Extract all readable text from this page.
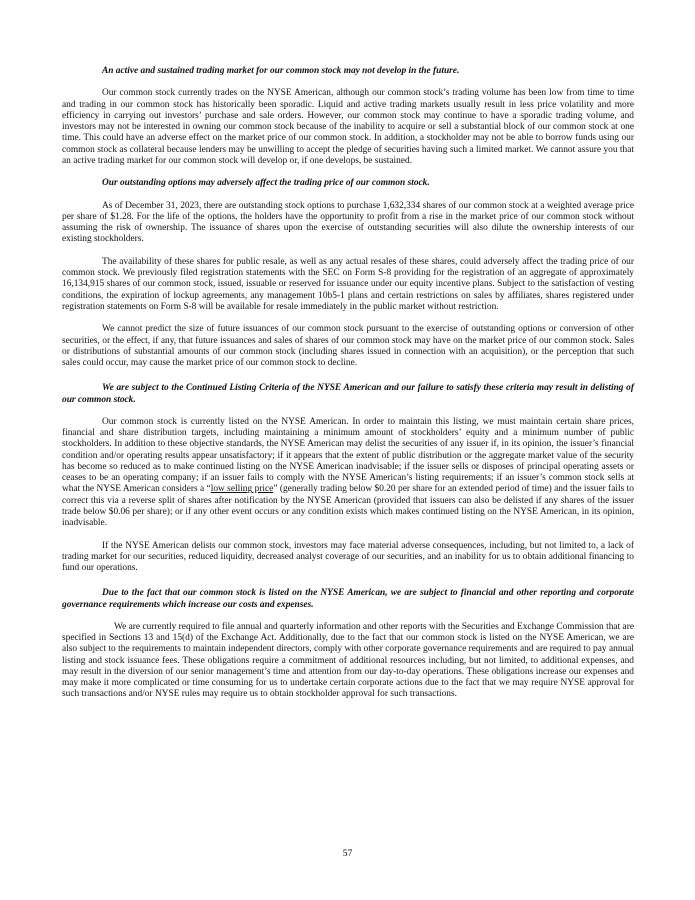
An active and sustained trading market for our common stock may not develop in the future.

Our common stock currently trades on the NYSE American, although our common stock’s trading volume has been low from time to time and trading in our common stock has historically been sporadic. Liquid and active trading markets usually result in less price volatility and more efficiency in carrying out investors’ purchase and sale orders. However, our common stock may continue to have a sporadic trading volume, and investors may not be interested in owning our common stock because of the inability to acquire or sell a substantial block of our common stock at one time. This could have an adverse effect on the market price of our common stock. In addition, a stockholder may not be able to borrow funds using our common stock as collateral because lenders may be unwilling to accept the pledge of securities having such a limited market. We cannot assure you that an active trading market for our common stock will develop or, if one develops, be sustained.

Our outstanding options may adversely affect the trading price of our common stock.

As of December 31, 2023, there are outstanding stock options to purchase 1,632,334 shares of our common stock at a weighted average price per share of $1.28. For the life of the options, the holders have the opportunity to profit from a rise in the market price of our common stock without assuming the risk of ownership. The issuance of shares upon the exercise of outstanding securities will also dilute the ownership interests of our existing stockholders.

The availability of these shares for public resale, as well as any actual resales of these shares, could adversely affect the trading price of our common stock. We previously filed registration statements with the SEC on Form S-8 providing for the registration of an aggregate of approximately 16,134,915 shares of our common stock, issued, issuable or reserved for issuance under our equity incentive plans. Subject to the satisfaction of vesting conditions, the expiration of lockup agreements, any management 10b5-1 plans and certain restrictions on sales by affiliates, shares registered under registration statements on Form S-8 will be available for resale immediately in the public market without restriction.

We cannot predict the size of future issuances of our common stock pursuant to the exercise of outstanding options or conversion of other securities, or the effect, if any, that future issuances and sales of shares of our common stock may have on the market price of our common stock. Sales or distributions of substantial amounts of our common stock (including shares issued in connection with an acquisition), or the perception that such sales could occur, may cause the market price of our common stock to decline.

We are subject to the Continued Listing Criteria of the NYSE American and our failure to satisfy these criteria may result in delisting of our common stock.

Our common stock is currently listed on the NYSE American. In order to maintain this listing, we must maintain certain share prices, financial and share distribution targets, including maintaining a minimum amount of stockholders’ equity and a minimum number of public stockholders. In addition to these objective standards, the NYSE American may delist the securities of any issuer if, in its opinion, the issuer’s financial condition and/or operating results appear unsatisfactory; if it appears that the extent of public distribution or the aggregate market value of the security has become so reduced as to make continued listing on the NYSE American inadvisable; if the issuer sells or disposes of principal operating assets or ceases to be an operating company; if an issuer fails to comply with the NYSE American’s listing requirements; if an issuer’s common stock sells at what the NYSE American considers a “low selling price” (generally trading below $0.20 per share for an extended period of time) and the issuer fails to correct this via a reverse split of shares after notification by the NYSE American (provided that issuers can also be delisted if any shares of the issuer trade below $0.06 per share); or if any other event occurs or any condition exists which makes continued listing on the NYSE American, in its opinion, inadvisable.

If the NYSE American delists our common stock, investors may face material adverse consequences, including, but not limited to, a lack of trading market for our securities, reduced liquidity, decreased analyst coverage of our securities, and an inability for us to obtain additional financing to fund our operations.

Due to the fact that our common stock is listed on the NYSE American, we are subject to financial and other reporting and corporate governance requirements which increase our costs and expenses.

We are currently required to file annual and quarterly information and other reports with the Securities and Exchange Commission that are specified in Sections 13 and 15(d) of the Exchange Act. Additionally, due to the fact that our common stock is listed on the NYSE American, we are also subject to the requirements to maintain independent directors, comply with other corporate governance requirements and are required to pay annual listing and stock issuance fees. These obligations require a commitment of additional resources including, but not limited, to additional expenses, and may result in the diversion of our senior management’s time and attention from our day-to-day operations. These obligations increase our expenses and may make it more complicated or time consuming for us to undertake certain corporate actions due to the fact that we may require NYSE approval for such transactions and/or NYSE rules may require us to obtain stockholder approval for such transactions.

57
